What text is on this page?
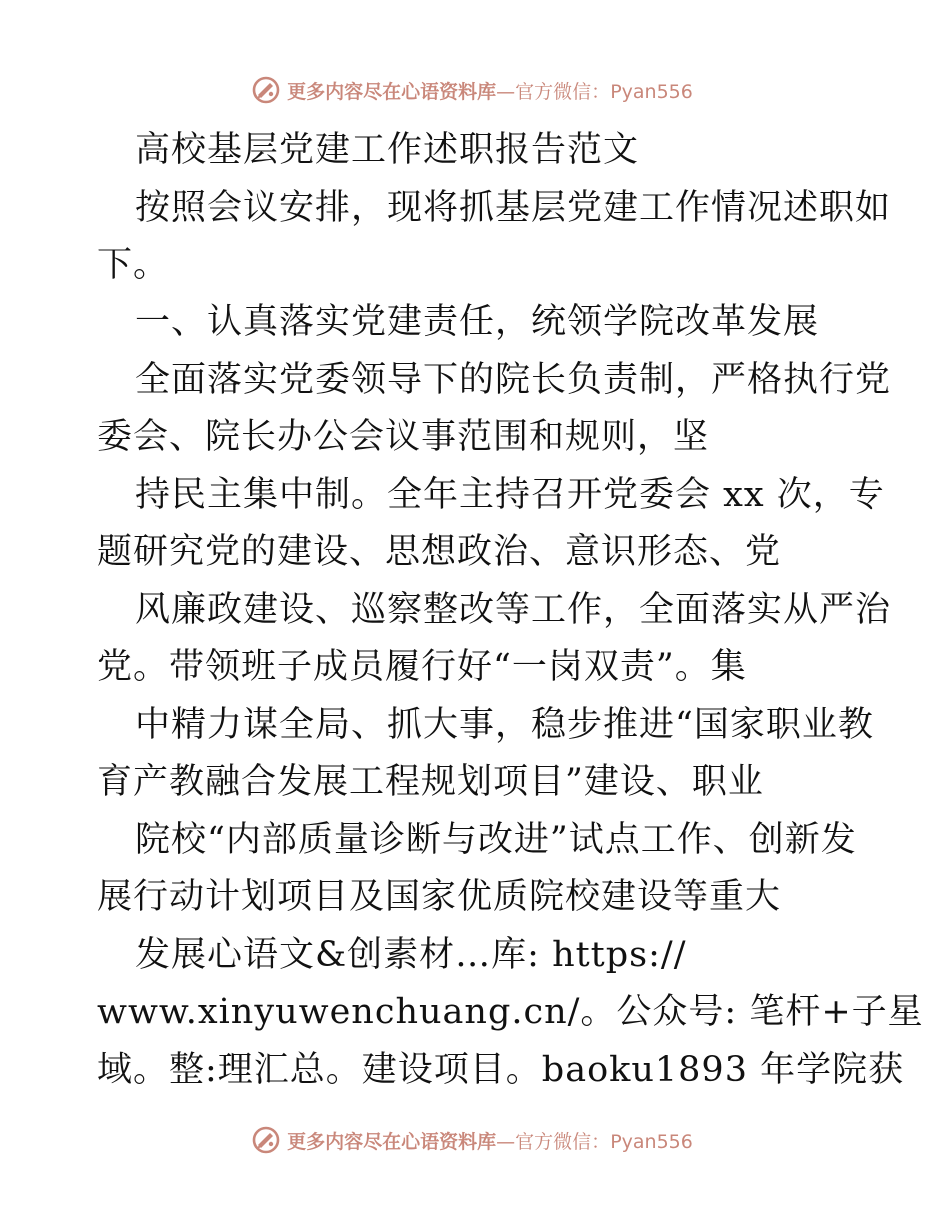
更多内容尽在心语资料库—官方微信：Pyan556
高校基层党建工作述职报告范文
按照会议安排，现将抓基层党建工作情况述职如
下。
一、认真落实党建责任，统领学院改革发展
全面落实党委领导下的院长负责制，严格执行党
委会、院长办公会议事范围和规则，坚
持民主集中制。全年主持召开党委会 xx 次，专
题研究党的建设、思想政治、意识形态、党
风廉政建设、巡察整改等工作，全面落实从严治
党。带领班子成员履行好“一岗双责”。集
中精力谋全局、抓大事，稳步推进“国家职业教
育产教融合发展工程规划项目”建设、职业
院校“内部质量诊断与改进”试点工作、创新发
展行动计划项目及国家优质院校建设等重大
发展心语文&创素材…库: https://
www.xinyuwenchuang.cn/。公众号: 笔杆+子星
域。整:理汇总。建设项目。baoku1893 年学院获
更多内容尽在心语资料库—官方微信：Pyan556
